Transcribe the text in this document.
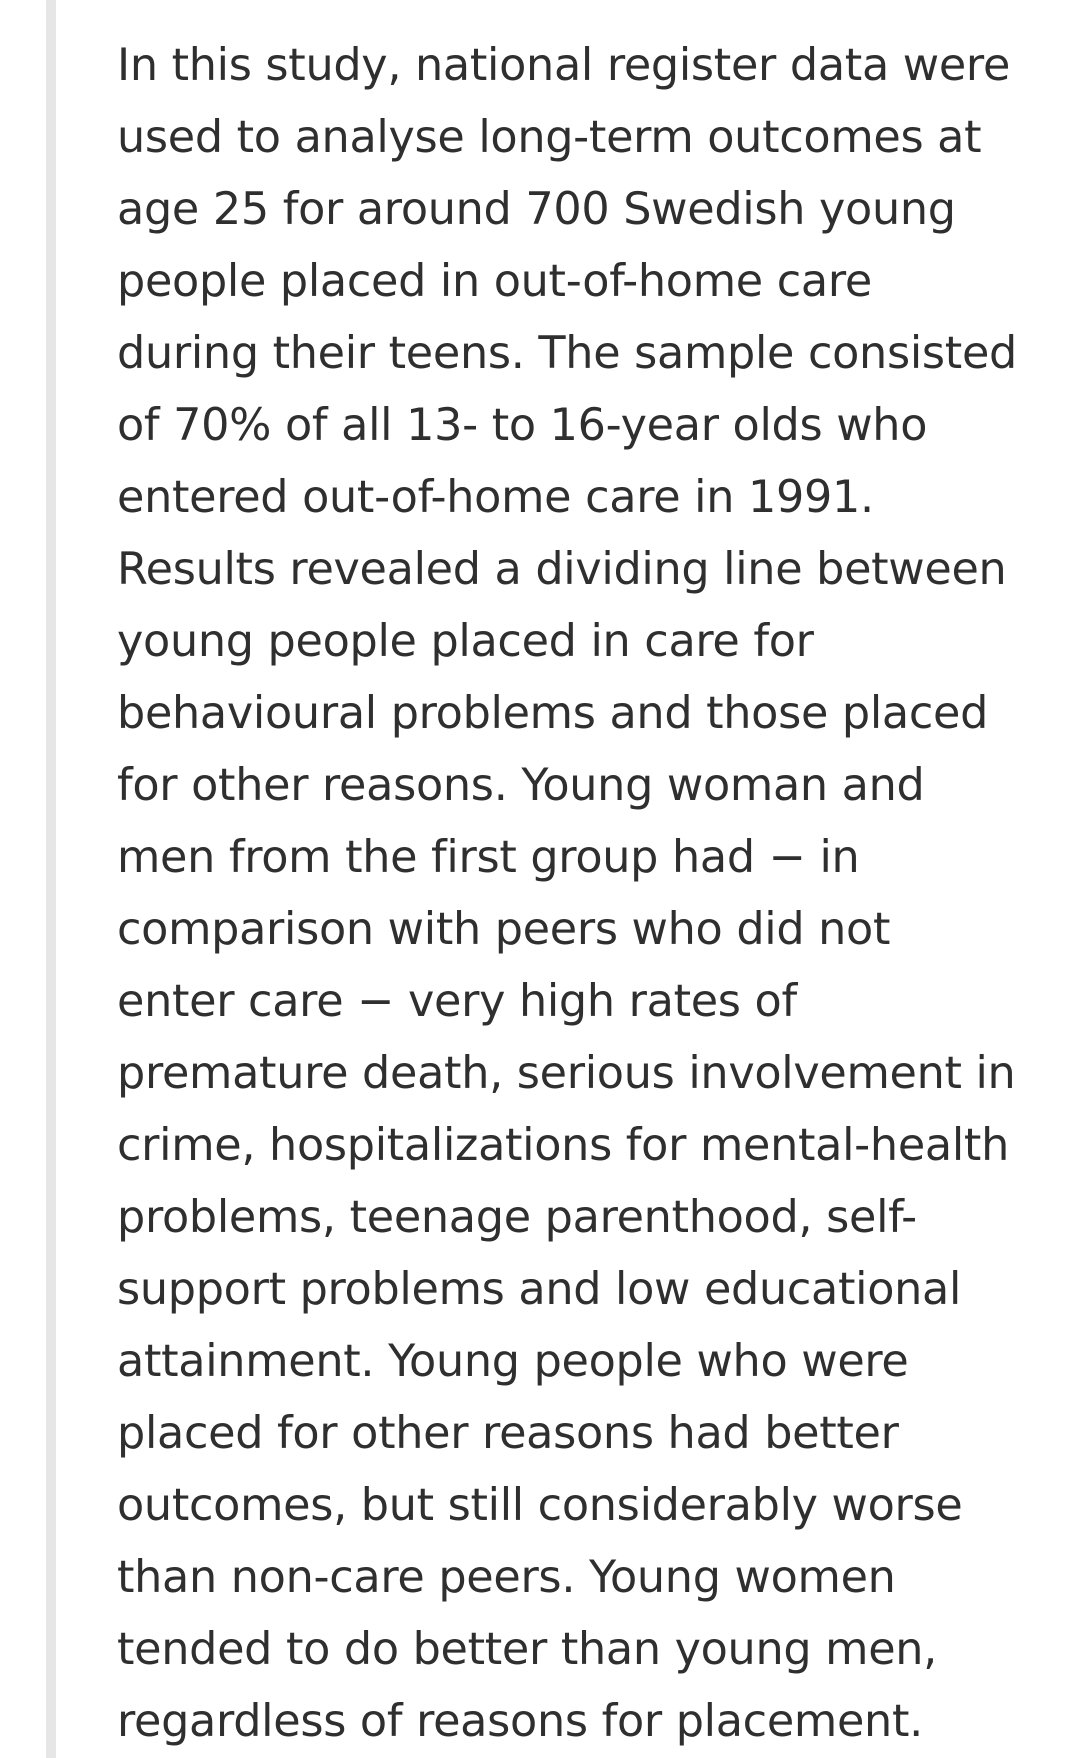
In this study, national register data were
used to analyse long-term outcomes at
age 25 for around 700 Swedish young
people placed in out-of-home care
during their teens. The sample consisted
of 70% of all 13- to 16-year olds who
entered out-of-home care in 1991.
Results revealed a dividing line between
young people placed in care for
behavioural problems and those placed
for other reasons. Young woman and
men from the first group had − in
comparison with peers who did not
enter care − very high rates of
premature death, serious involvement in
crime, hospitalizations for mental-health
problems, teenage parenthood, self-
support problems and low educational
attainment. Young people who were
placed for other reasons had better
outcomes, but still considerably worse
than non-care peers. Young women
tended to do better than young men,
regardless of reasons for placement.
